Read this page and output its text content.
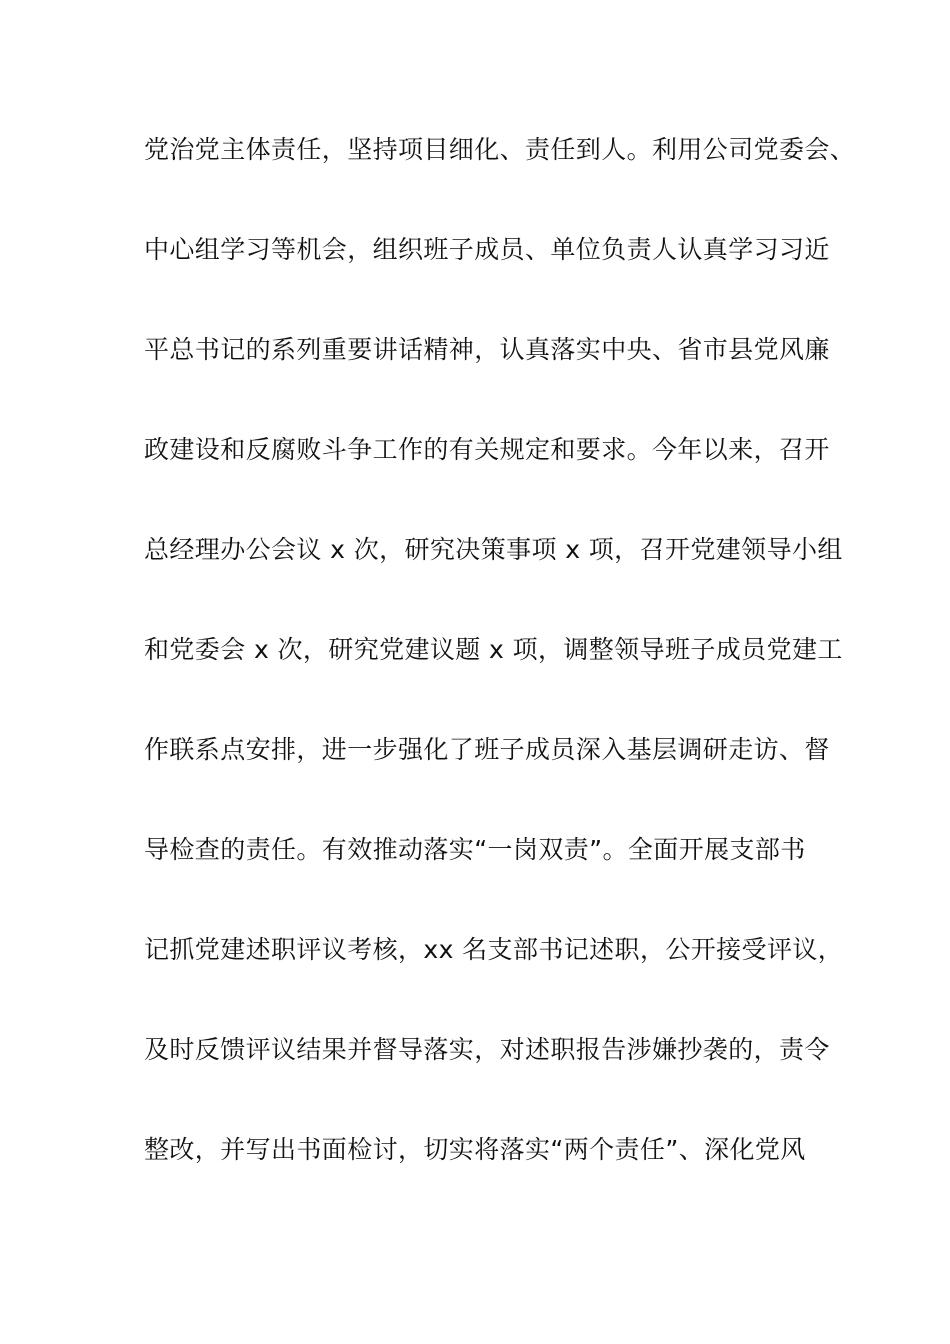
党治党主体责任，坚持项目细化、责任到人。利用公司党委会、
中心组学习等机会，组织班子成员、单位负责人认真学习习近
平总书记的系列重要讲话精神，认真落实中央、省市县党风廉
政建设和反腐败斗争工作的有关规定和要求。今年以来，召开
总经理办公会议 x 次，研究决策事项 x 项，召开党建领导小组
和党委会 x 次，研究党建议题 x 项，调整领导班子成员党建工
作联系点安排，进一步强化了班子成员深入基层调研走访、督
导检查的责任。有效推动落实“一岗双责”。全面开展支部书
记抓党建述职评议考核，xx 名支部书记述职，公开接受评议，
及时反馈评议结果并督导落实，对述职报告涉嫌抄袭的，责令
整改，并写出书面检讨，切实将落实“两个责任”、深化党风
